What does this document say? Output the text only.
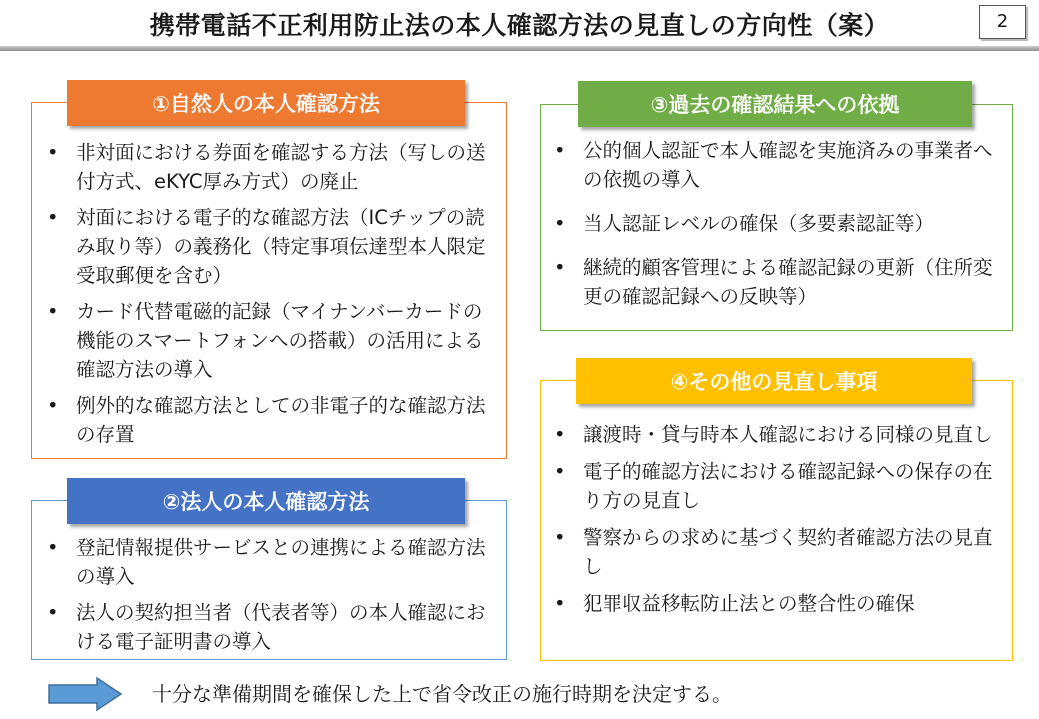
携帯電話不正利用防止法の本人確認方法の見直しの方向性（案）	2
①自然人の本人確認方法
• 非対面における券面を確認する方法（写しの送付方式、eKYC厚み方式）の廃止
• 対面における電子的な確認方法（ICチップの読み取り等）の義務化（特定事項伝達型本人限定受取郵便を含む）
• カード代替電磁的記録（マイナンバーカードの機能のスマートフォンへの搭載）の活用による確認方法の導入
• 例外的な確認方法としての非電子的な確認方法の存置
②法人の本人確認方法
• 登記情報提供サービスとの連携による確認方法の導入
• 法人の契約担当者（代表者等）の本人確認における電子証明書の導入
③過去の確認結果への依拠
• 公的個人認証で本人確認を実施済みの事業者への依拠の導入
• 当人認証レベルの確保（多要素認証等）
• 継続的顧客管理による確認記録の更新（住所変更の確認記録への反映等）
④その他の見直し事項
• 譲渡時・貸与時本人確認における同様の見直し
• 電子的確認方法における確認記録への保存の在り方の見直し
• 警察からの求めに基づく契約者確認方法の見直し
• 犯罪収益移転防止法との整合性の確保
十分な準備期間を確保した上で省令改正の施行時期を決定する。
